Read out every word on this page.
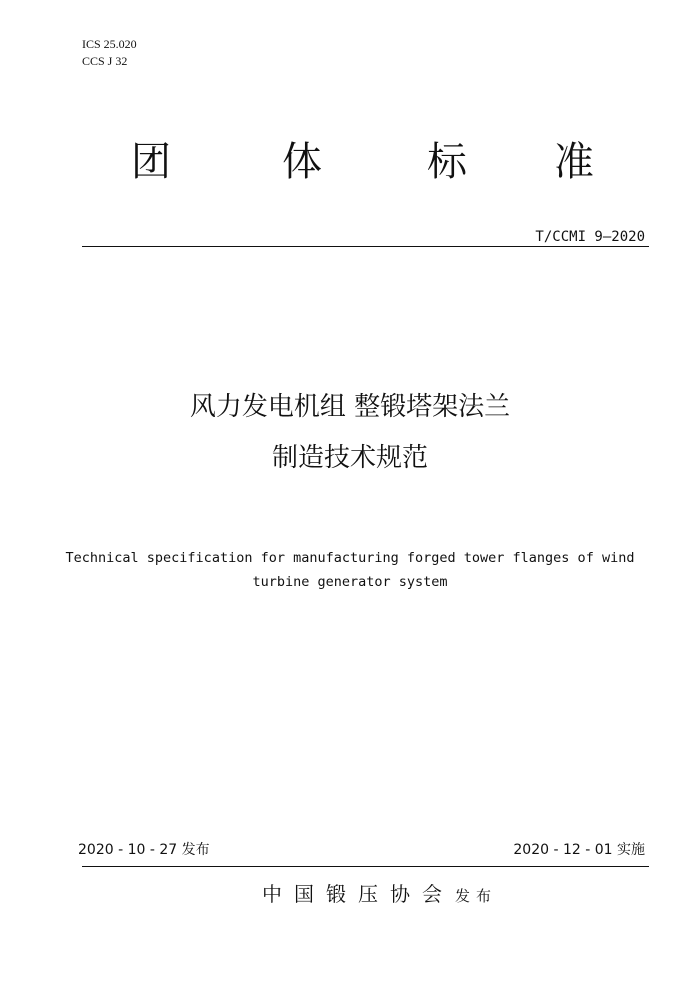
ICS 25.020
CCS J 32
团	体	标 准
T/CCMI 9—2020
风力发电机组 整锻塔架法兰
制造技术规范
Technical specification for manufacturing forged tower flanges of wind
turbine generator system
2020 - 10 - 27 发布	2020 - 12 - 01 实施
中国锻压协会 发布
